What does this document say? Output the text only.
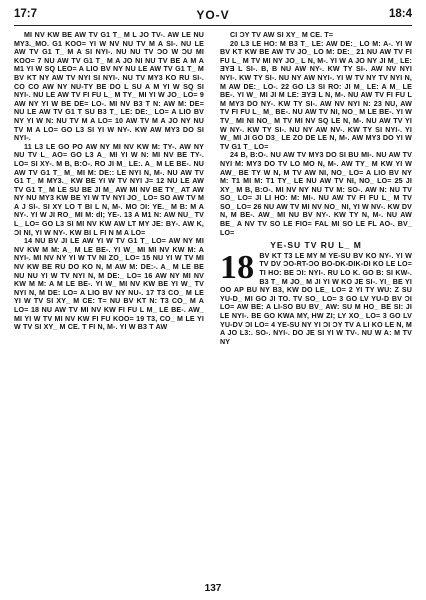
17:7	YO-V	18:4

MI NV KW BE AW TV G1 T_ M L JO TV-. AW LE NU MY3._MO. G1 KOO= YI W NV NU TV M A SI-. NU LE AW TV G1 T_ M A SI NYI-. NU NU TV ϽO W ϽU MI KOO= 7 NU AW TV G1 T_ M A JO NI NU TV BE A M A M1 YI W SQ LEO= A LIO BV NY NU LE AW TV G1 T_ M BV KT NY AW TV NYI SI NYI-. NU TV MY3 KO RU SI-. CO CO AW NY NU-TY BE DO L SU A M YI W SQ SI NYI-. NU LE AW TV FI FU L_ M TY_ MI YI W JO_ LO= 9 AW NY YI W BE DE= LO-. MI NV B3 T N: AW M: DE= NU LE AW TV G1 T SU B3 T_ LE: DE:_ LO= A LIO BV NY YI W N: NU TV M A LO= 10 AW TV M A JO NY NU TV M A LO= GO L3 SI YI W NY-. KW AW MY3 DO SI NYI-.

11 L3 LE GO PO AW NY MI NV KW M: TY-. AW NY NU TV L_ AO= GO L3 A_ MI YI W N: MI NV BE TY-. LO= SI XY-. M B, B:O-. RO JI M_ LE:. A_ M LE BE-. NU AW TV G1 T_ M_ MI M: DE:: LE NYI N, M-. NU AW TV G1 T_ M MY3._ KW BE YI W TV NYI J= 12 NU LE AW TV G1 T_ M LE SU BE JI M_ AW MI NV BE TY_ AT AW NY NU MY3 KW BE YI W TV NYI JO_ LO= SO AW TV M A J SI-. SI XY LO T BI L N, M-. MO ϽI: YE._ M B: M A NY-. YI W JI RO_ MI M: dI; YE-. 13 A M1 N: AW NU_ TV L_ LO= GO L3 SI MI NV KW AW LT MY JE: BY-. AW K, ϽI NI, YI W NY-. KW BI L FI N M A LO=

14 NU BV JI LE AW YI W TV G1 T_ LO= AW NY MI NV KW M M: A_ M LE BE-. YI W_ MI MI NV KW M: A NYI-. MI NV NY YI W TV NI ZO_ LO= 15 NU YI W TV MI NV KW BE RU DO KO N, M AW M: DE:-. A_ M LE BE NU NU YI W TV NYI N, M DE:_ LO= 16 AW NY MI NV KW M M: A M LE BE-. YI W_ MI NV KW BE YI W_ TV NYI N, M DE: LO= A LIO BV NY NU-. 17 T3 CO_ M LE YI W TV SI XY_ M CE: T= NU BV KT N: T3 CO_ M A LO= 18 NU AW TV MI NV KW FI FU L M_ LE BE-. AW_ MI YI W TV MI NV KW FI FU KOO= 19 T3, CO_ M LE YI W TV SI XY_ M CE. T FI N, M-. YI W B3 T AW

CI ϽY TV AW SI XY_ M CE. T=

20 L3 LE HO: M B3 T_ LE: AW DE:_ LO M: A-. YI W BV KT KW BE AW TV JO_ LO M: DE:_ 21 NU AW TV FI FU L_ M TV MI NY JO_ L N, M-. YI W A JO NY JI M_ LE: ƎYƎ L SI-. B, B NU AW NY-. KW TY SI-. AW NV NYI NYI-. KW TY SI-. NU NY AW NYI-. YI W TV NY TV NYI N, M AW DE:_ LO-. 22 GO L3 SI RO: JI M_ LE: A M_ LE BE-. YI W_ MI JI M LE: ƎYƎ L N, M-. NU AW TV FI FU L M MY3 DO NY-. KW TY SI-. AW NV NYI N: 23 NU, AW TV FI FU L_ M_ BE-. NU AW TV NI, NO_ M LE BE-. YI W TV_ MI NI NO_ M TV MI NV SQ LE N, M-. NU AW TV YI W NY-. KW TY SI-. NU NY AW NV-. KW TY SI NYI-. YI W_ MI JI GO D3_ LE ZO DE LE N, M-. AW MY3 DO YI W TV G1 T_ LO=

24 B, B:O-. NU AW TV MY3 DO SI BU MI-. NU AW TV NYI M: MY3 DO TV LO MO N, M-. AW TY_ M KW YI W AW_ BE TY W N, M TV AW NI, NO_ LO= A LIO BV NY M: T1 MI M: T1 TY_ LE NU AW TV NI, NO_ LO= 25 JI XY_ M B, B:O-. MI NV NY NU TV M: SO-. AW N: NU TV SO_ LO= JI LI HO: M: MI-. NU AW TV FI FU L_ M TV SO_ LO= 26 NU AW TV MI NV NO_ NI, YI W NV-. KW DV N, M BE-. AW_ MI NU BV NY-. KW TY N, M-. NU AW BE_ A NV TV SO LE FIO= FAL MI SO LE FL AO-. BV_ LO=

YE-SU TV RU L_ M
18 BV KT T3 LE MY M YE-SU BV KO NY-. YI W TV DV ϽO-RT-ϽO BO-DK-DIK-DI KO LE LO= TI HO: BE ϽI: NYI-. RU LO K. GO B: SI KW-. B3 T_ M JO_ M JI YI W KO JE SI-. YI_ BE YI OO AP BU NY B3, KW DO LE_ LO= 2 YI TY WU: Z SU YU-D_ MI GO JI TO. TV SO_ LO= 3 GO LV YU-D BV ϽI LO= AW BE: A LI-SO BU BV_ AW: SU M HO_ BE SI: JI LE NYI-. BE GO KWA MY, HW ZI; LY XO_ LO= 3 GO LV YU-DV ϽI LO= 4 YE-SU NY YI ϽI ϽY TV A LI KO LE N, M A JO L3:. SO-. NYI-. DO JE SI YI W TV-. NU W A: M TV NY

137
